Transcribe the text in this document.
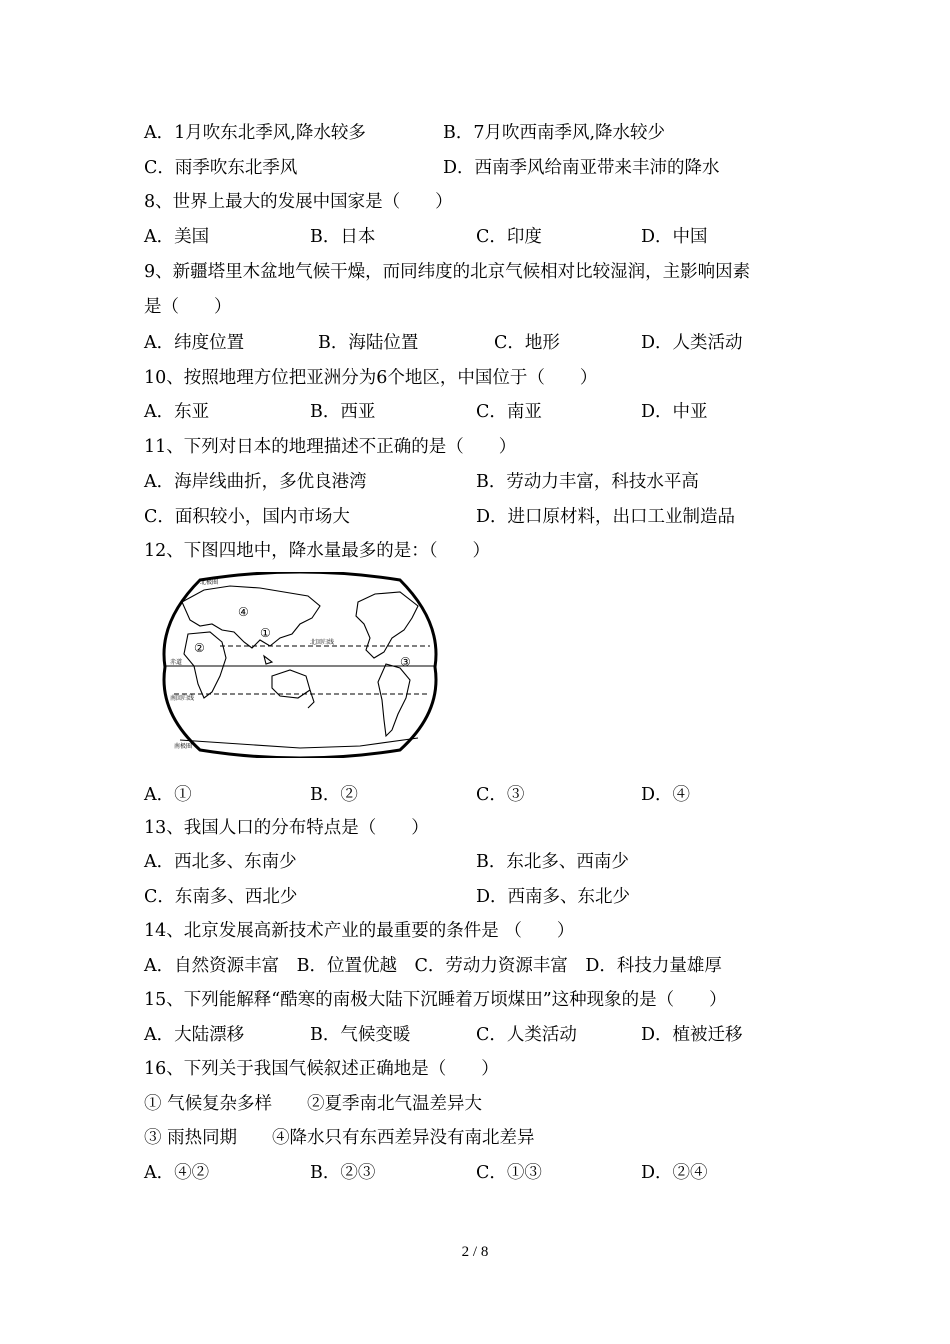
A．1月吹东北季风,降水较多	B．7月吹西南季风,降水较少
C．雨季吹东北季风	D．西南季风给南亚带来丰沛的降水
8、世界上最大的发展中国家是（　　）
A．美国	B．日本	C．印度	D．中国
9、新疆塔里木盆地气候干燥，而同纬度的北京气候相对比较湿润，主影响因素
是（　　）
A．纬度位置	B．海陆位置	C．地形	D．人类活动
10、按照地理方位把亚洲分为6个地区，中国位于（　　）
A．东亚	B．西亚	C．南亚	D．中亚
11、下列对日本的地理描述不正确的是（　　）
A．海岸线曲折，多优良港湾	B．劳动力丰富，科技水平高
C．面积较小，国内市场大	D．进口原材料，出口工业制造品
12、下图四地中，降水量最多的是：（　　）
北回归线
赤道
南回归线
南极圈
北极圈
①
②
③
④
A．①	B．②	C．③	D．④
13、我国人口的分布特点是（　　）
A．西北多、东南少	B．东北多、西南少
C．东南多、西北少	D．西南多、东北少
14、北京发展高新技术产业的最重要的条件是 （　　）
A．自然资源丰富　B．位置优越　C．劳动力资源丰富　D．科技力量雄厚
15、下列能解释“酷寒的南极大陆下沉睡着万顷煤田”这种现象的是（　　）
A．大陆漂移	B．气候变暖	C．人类活动	D．植被迁移
16、下列关于我国气候叙述正确地是（　　）
① 气候复杂多样　　②夏季南北气温差异大
③ 雨热同期　　④降水只有东西差异没有南北差异
A．④②	B．②③	C．①③	D．②④
2 / 8
